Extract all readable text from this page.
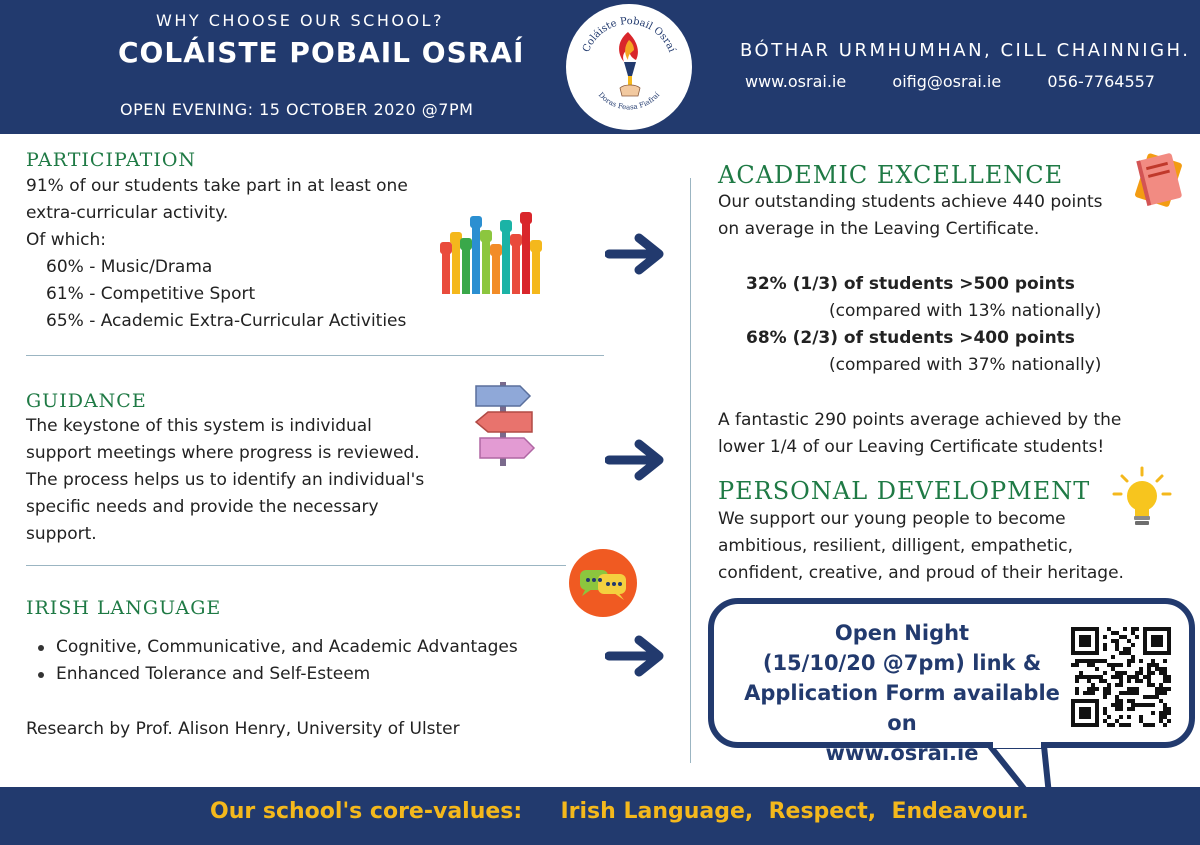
WHY CHOOSE OUR SCHOOL?
COLÁISTE POBAIL OSRAÍ
OPEN EVENING: 15 OCTOBER 2020 @7PM
Coláiste Pobail Osraí
Doras Feasa Fiafraí
BÓTHAR URMHUMHAN, CILL CHAINNIGH.
www.osrai.ie	oifig@osrai.ie	056-7764557
PARTICIPATION
91% of our students take part in at least one
extra-curricular activity.
Of which:
60% - Music/Drama
61% - Competitive Sport
65% - Academic Extra-Curricular Activities
GUIDANCE
The keystone of this system is individual
support meetings where progress is reviewed.
The process helps us to identify an individual's
specific needs and provide the necessary
support.
IRISH LANGUAGE
Cognitive, Communicative, and Academic Advantages
Enhanced Tolerance and Self-Esteem
Research by Prof. Alison Henry, University of Ulster
ACADEMIC EXCELLENCE
Our outstanding students achieve 440 points
on average in the Leaving Certificate.
32% (1/3) of students >500 points
(compared with 13% nationally)
68% (2/3) of students >400 points
(compared with 37% nationally)
A fantastic 290 points average achieved by the
lower 1/4 of our Leaving Certificate students!
PERSONAL DEVELOPMENT
We support our young people to become
ambitious, resilient, dilligent, empathetic,
confident, creative, and proud of their heritage.
Open Night
(15/10/20 @7pm) link &
Application Form available on
www.osrai.ie
Our school's core-values:     Irish Language,  Respect,  Endeavour.
